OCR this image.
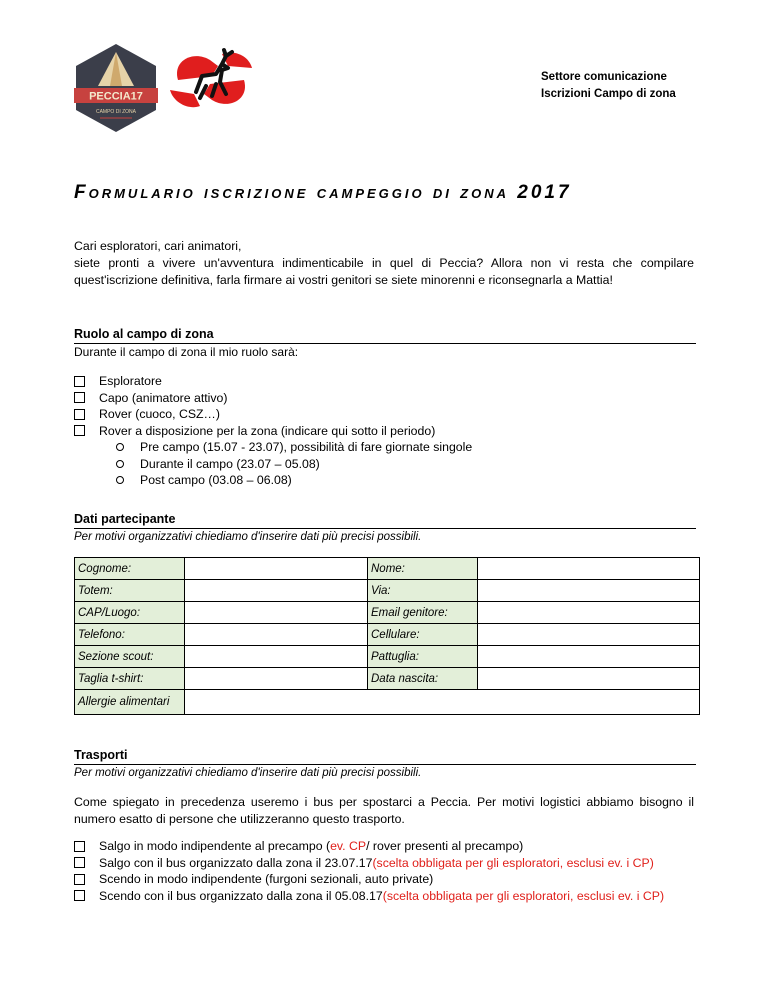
PECCIA17
CAMPO DI ZONA
Settore comunicazione
Iscrizioni Campo di zona
Formulario iscrizione campeggio di zona 2017
Cari esploratori, cari animatori,
siete pronti a vivere un'avventura indimenticabile in quel di Peccia? Allora non vi resta che compilare quest'iscrizione definitiva, farla firmare ai vostri genitori se siete minorenni e riconsegnarla a Mattia!
Ruolo al campo di zona
Durante il campo di zona il mio ruolo sarà:
Esploratore
Capo (animatore attivo)
Rover (cuoco, CSZ…)
Rover a disposizione per la zona (indicare qui sotto il periodo)
Pre campo (15.07 - 23.07), possibilità di fare giornate singole
Durante il campo (23.07 – 05.08)
Post campo (03.08 – 06.08)
Dati partecipante
Per motivi organizzativi chiediamo d'inserire dati più precisi possibili.
Cognome:		Nome:	
Totem:		Via:	
CAP/Luogo:		Email genitore:	
Telefono:		Cellulare:	
Sezione scout:		Pattuglia:	
Taglia t-shirt:		Data nascita:	
Allergie alimentari			
Trasporti
Per motivi organizzativi chiediamo d'inserire dati più precisi possibili.
Come spiegato in precedenza useremo i bus per spostarci a Peccia. Per motivi logistici abbiamo bisogno il numero esatto di persone che utilizzeranno questo trasporto.
Salgo in modo indipendente al precampo ( ev. CP / rover presenti al precampo)
Salgo con il bus organizzato dalla zona il 23.07.17 (scelta obbligata per gli esploratori, esclusi ev. i CP)
Scendo in modo indipendente (furgoni sezionali, auto private)
Scendo con il bus organizzato dalla zona il 05.08.17 (scelta obbligata per gli esploratori, esclusi ev. i CP)
